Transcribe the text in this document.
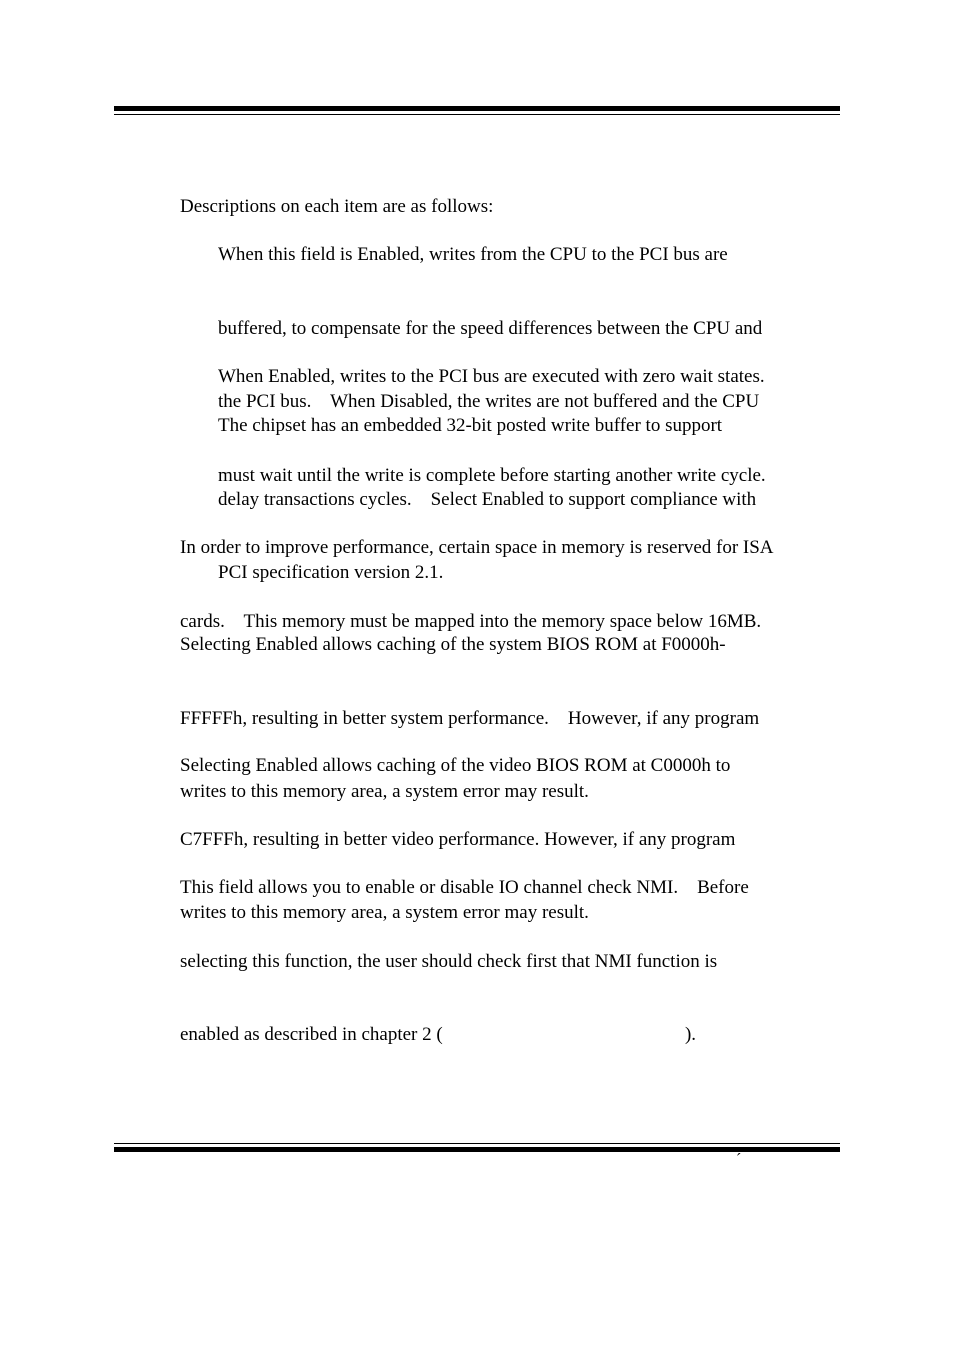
Descriptions on each item are as follows:

When this field is Enabled, writes from the CPU to the PCI bus are

buffered, to compensate for the speed differences between the CPU and

the PCI bus.    When Disabled, the writes are not buffered and the CPU

must wait until the write is complete before starting another write cycle.

When Enabled, writes to the PCI bus are executed with zero wait states.

The chipset has an embedded 32-bit posted write buffer to support

delay transactions cycles.    Select Enabled to support compliance with

PCI specification version 2.1.

In order to improve performance, certain space in memory is reserved for ISA

cards.    This memory must be mapped into the memory space below 16MB.

Selecting Enabled allows caching of the system BIOS ROM at F0000h-

FFFFFh, resulting in better system performance.    However, if any program

writes to this memory area, a system error may result.

Selecting Enabled allows caching of the video BIOS ROM at C0000h to

C7FFFh, resulting in better video performance. However, if any program

writes to this memory area, a system error may result.

This field allows you to enable or disable IO channel check NMI.    Before

selecting this function, the user should check first that NMI function is

enabled as described in chapter 2 (                                                   ).

ˊ
